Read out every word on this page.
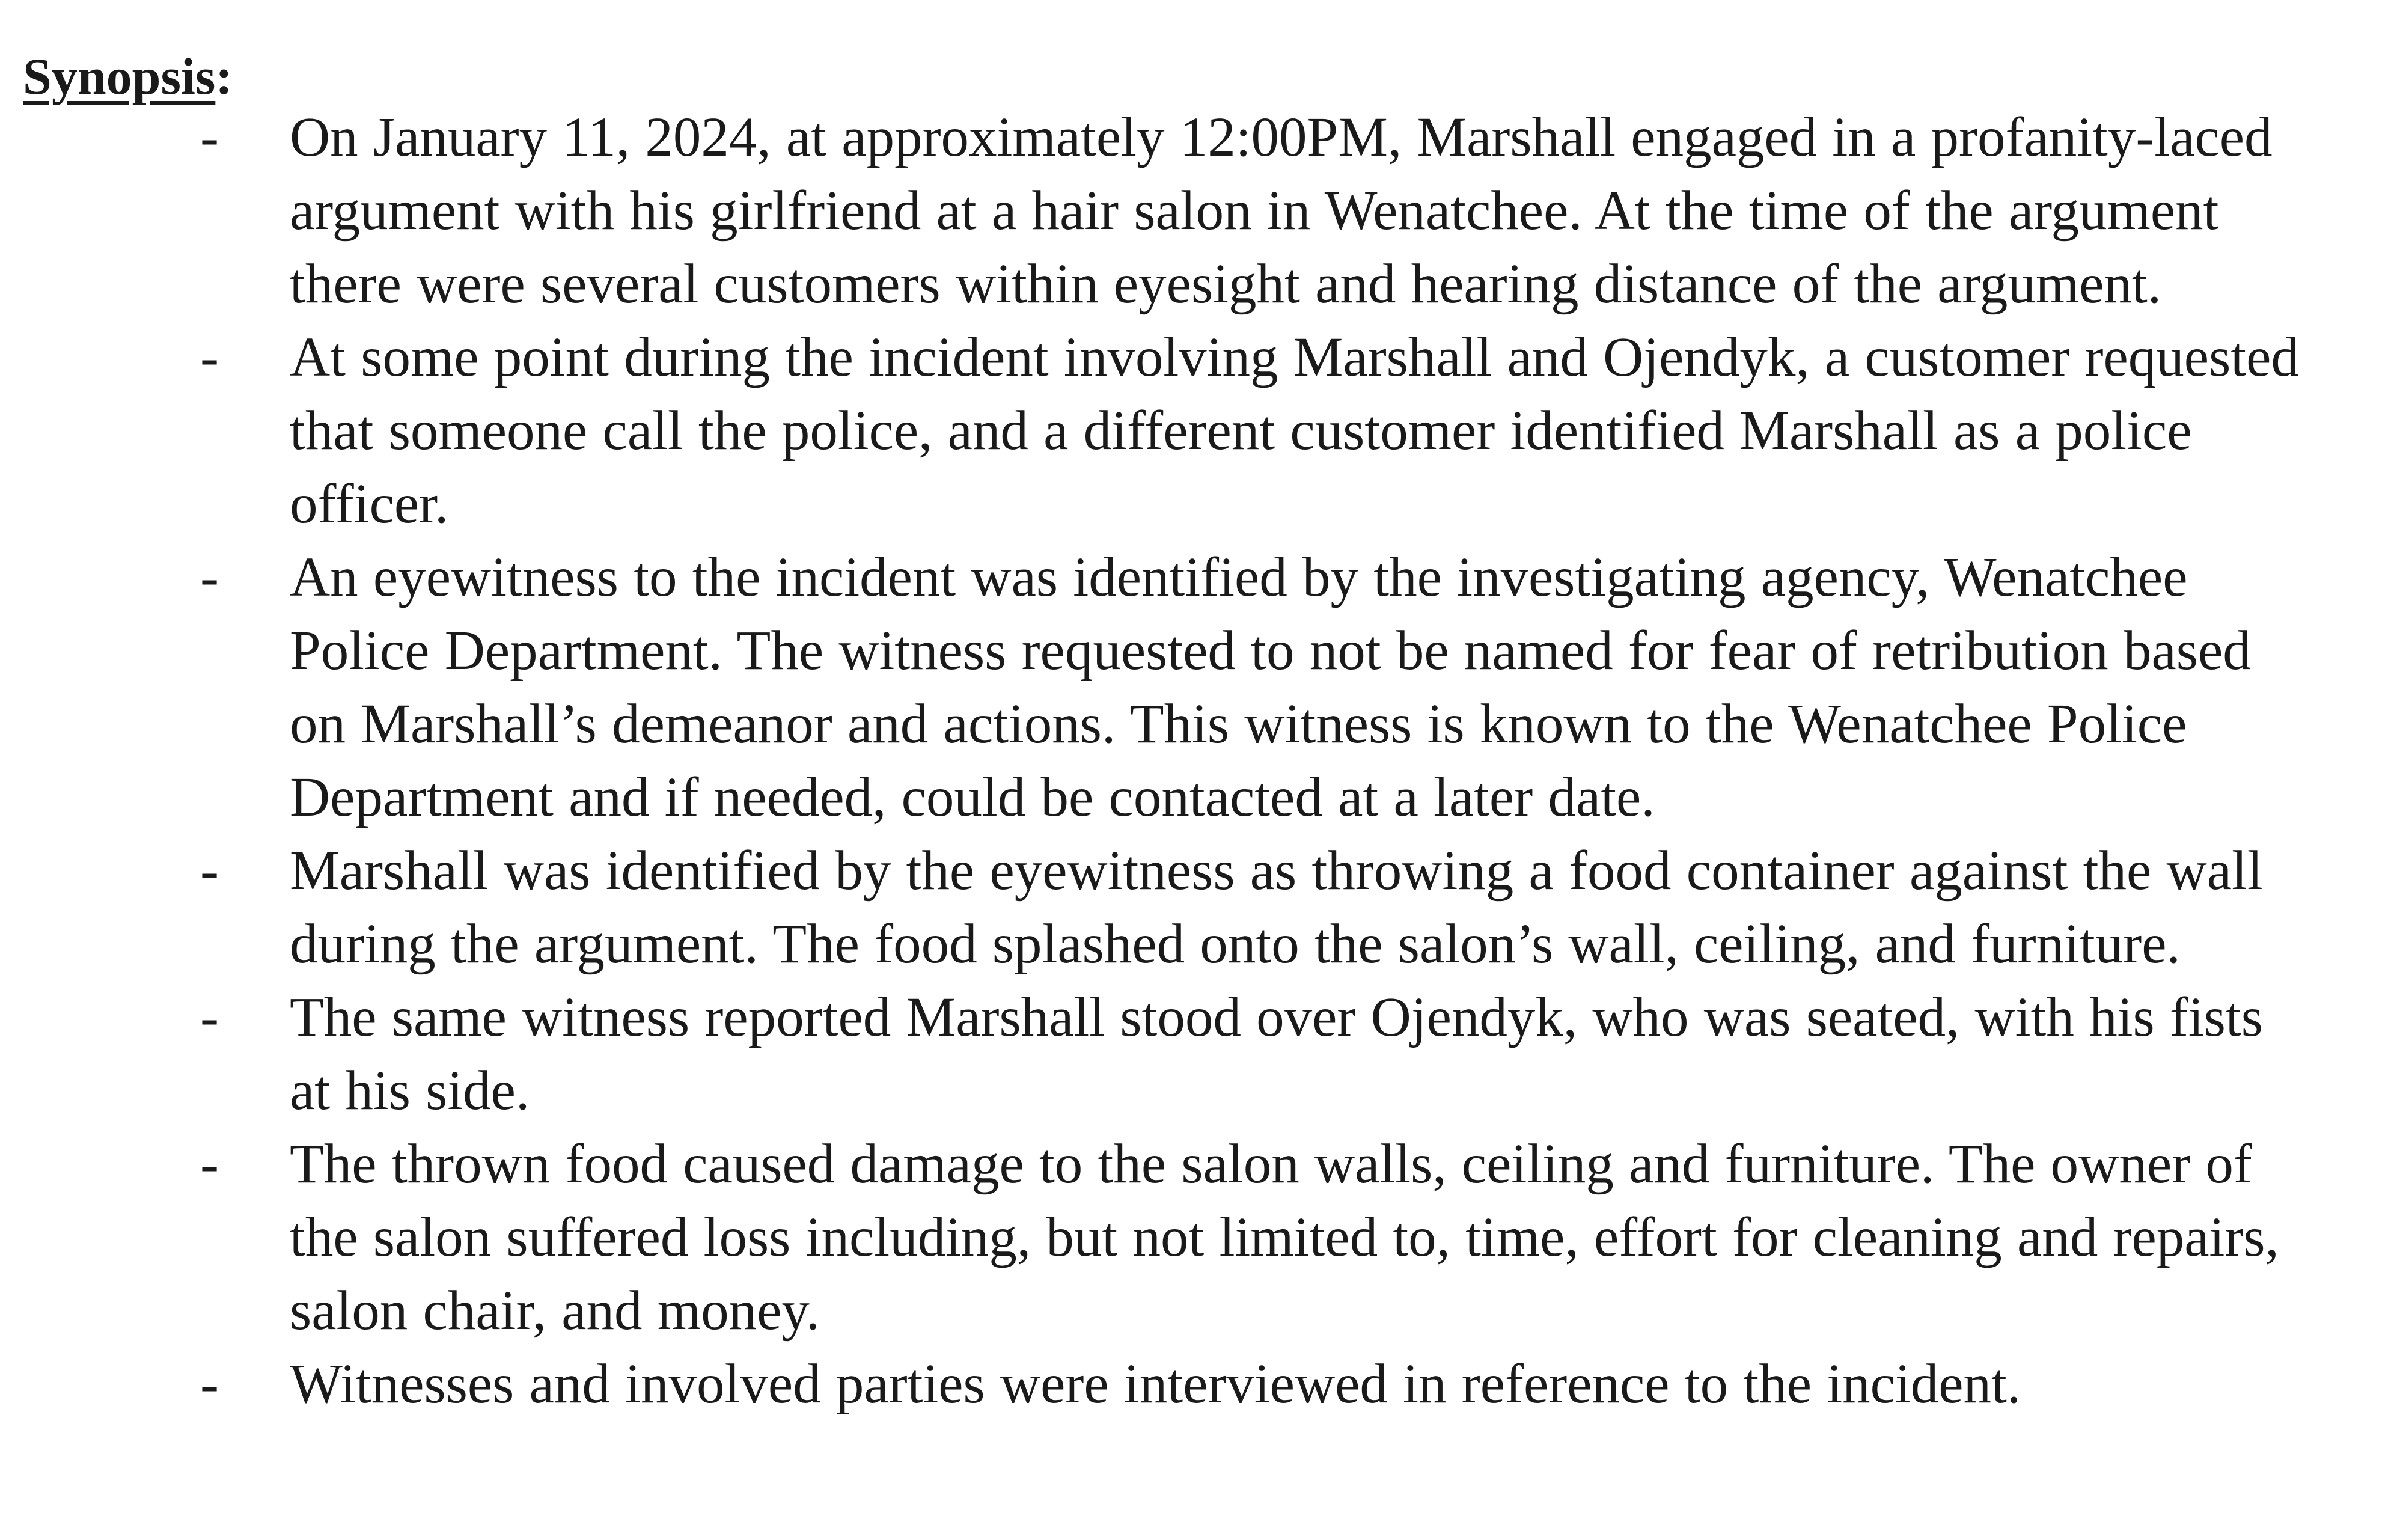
Synopsis:
- On January 11, 2024, at approximately 12:00PM, Marshall engaged in a profanity-laced
argument with his girlfriend at a hair salon in Wenatchee. At the time of the argument
there were several customers within eyesight and hearing distance of the argument.
- At some point during the incident involving Marshall and Ojendyk, a customer requested
that someone call the police, and a different customer identified Marshall as a police
officer.
- An eyewitness to the incident was identified by the investigating agency, Wenatchee
Police Department. The witness requested to not be named for fear of retribution based
on Marshall’s demeanor and actions. This witness is known to the Wenatchee Police
Department and if needed, could be contacted at a later date.
- Marshall was identified by the eyewitness as throwing a food container against the wall
during the argument. The food splashed onto the salon’s wall, ceiling, and furniture.
- The same witness reported Marshall stood over Ojendyk, who was seated, with his fists
at his side.
- The thrown food caused damage to the salon walls, ceiling and furniture. The owner of
the salon suffered loss including, but not limited to, time, effort for cleaning and repairs,
salon chair, and money.
- Witnesses and involved parties were interviewed in reference to the incident.
